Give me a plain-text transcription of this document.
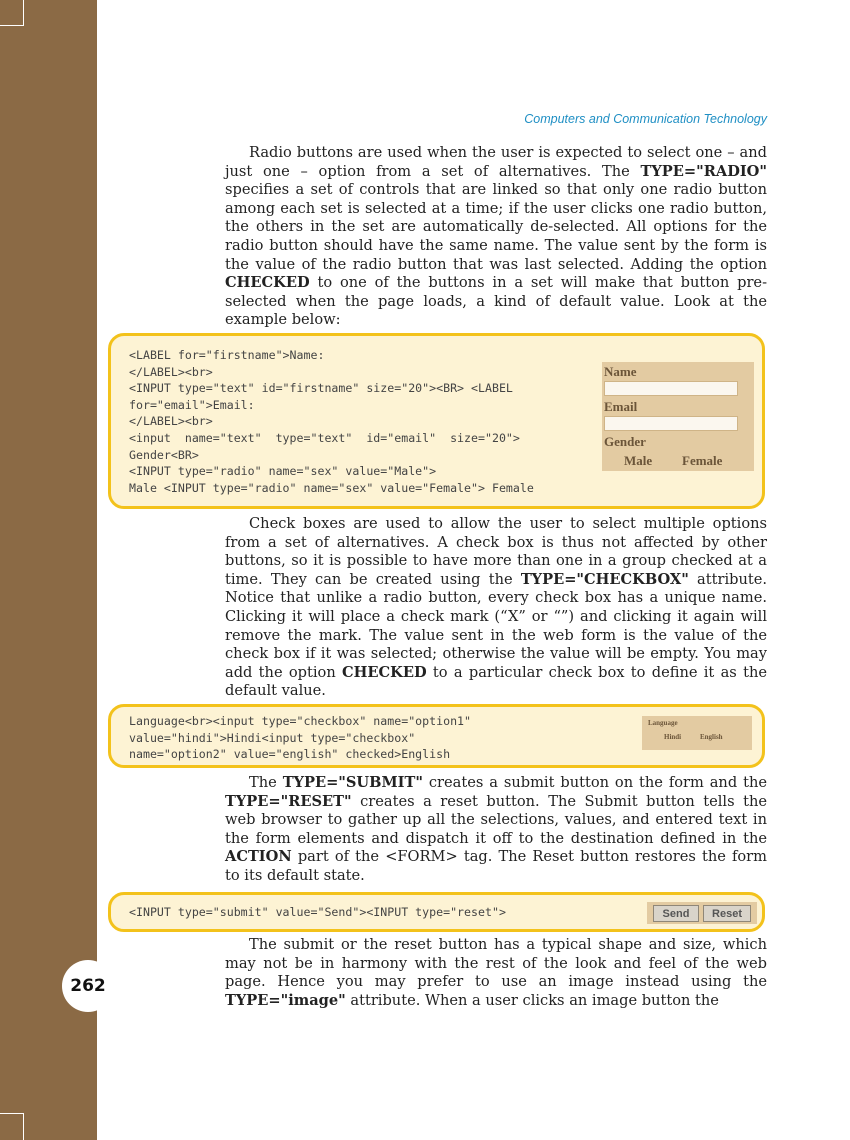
262
Computers and Communication Technology

Radio buttons are used when the user is expected to select one – and just one – option from a set of alternatives. The TYPE="RADIO" specifies a set of controls that are linked so that only one radio button among each set is selected at a time; if the user clicks one radio button, the others in the set are automatically de-selected. All options for the radio button should have the same name. The value sent by the form is the value of the radio button that was last selected. Adding the option CHECKED to one of the buttons in a set will make that button pre-selected when the page loads, a kind of default value. Look at the example below:

<LABEL for="firstname">Name:
</LABEL><br>
<INPUT type="text" id="firstname" size="20"><BR> <LABEL
for="email">Email:
</LABEL><br>
<input  name="text"  type="text"  id="email"  size="20">
Gender<BR>
<INPUT type="radio" name="sex" value="Male">
Male <INPUT type="radio" name="sex" value="Female"> Female
Name
Email
Gender
Male Female

Check boxes are used to allow the user to select multiple options from a set of alternatives. A check box is thus not affected by other buttons, so it is possible to have more than one in a group checked at a time. They can be created using the TYPE="CHECKBOX" attribute. Notice that unlike a radio button, every check box has a unique name. Clicking it will place a check mark (“X” or “”) and clicking it again will remove the mark. The value sent in the web form is the value of the check box if it was selected; otherwise the value will be empty. You may add the option CHECKED to a particular check box to define it as the default value.

Language<br><input type="checkbox" name="option1"
value="hindi">Hindi<input type="checkbox"
name="option2" value="english" checked>English
Language
Hindi	English

The TYPE="SUBMIT" creates a submit button on the form and the TYPE="RESET" creates a reset button. The Submit button tells the web browser to gather up all the selections, values, and entered text in the form elements and dispatch it off to the destination defined in the ACTION part of the <FORM> tag. The Reset button restores the form to its default state.

<INPUT type="submit" value="Send"><INPUT type="reset">	Send	Reset

The submit or the reset button has a typical shape and size, which may not be in harmony with the rest of the look and feel of the web page. Hence you may prefer to use an image instead using the TYPE="image" attribute. When a user clicks an image button the
